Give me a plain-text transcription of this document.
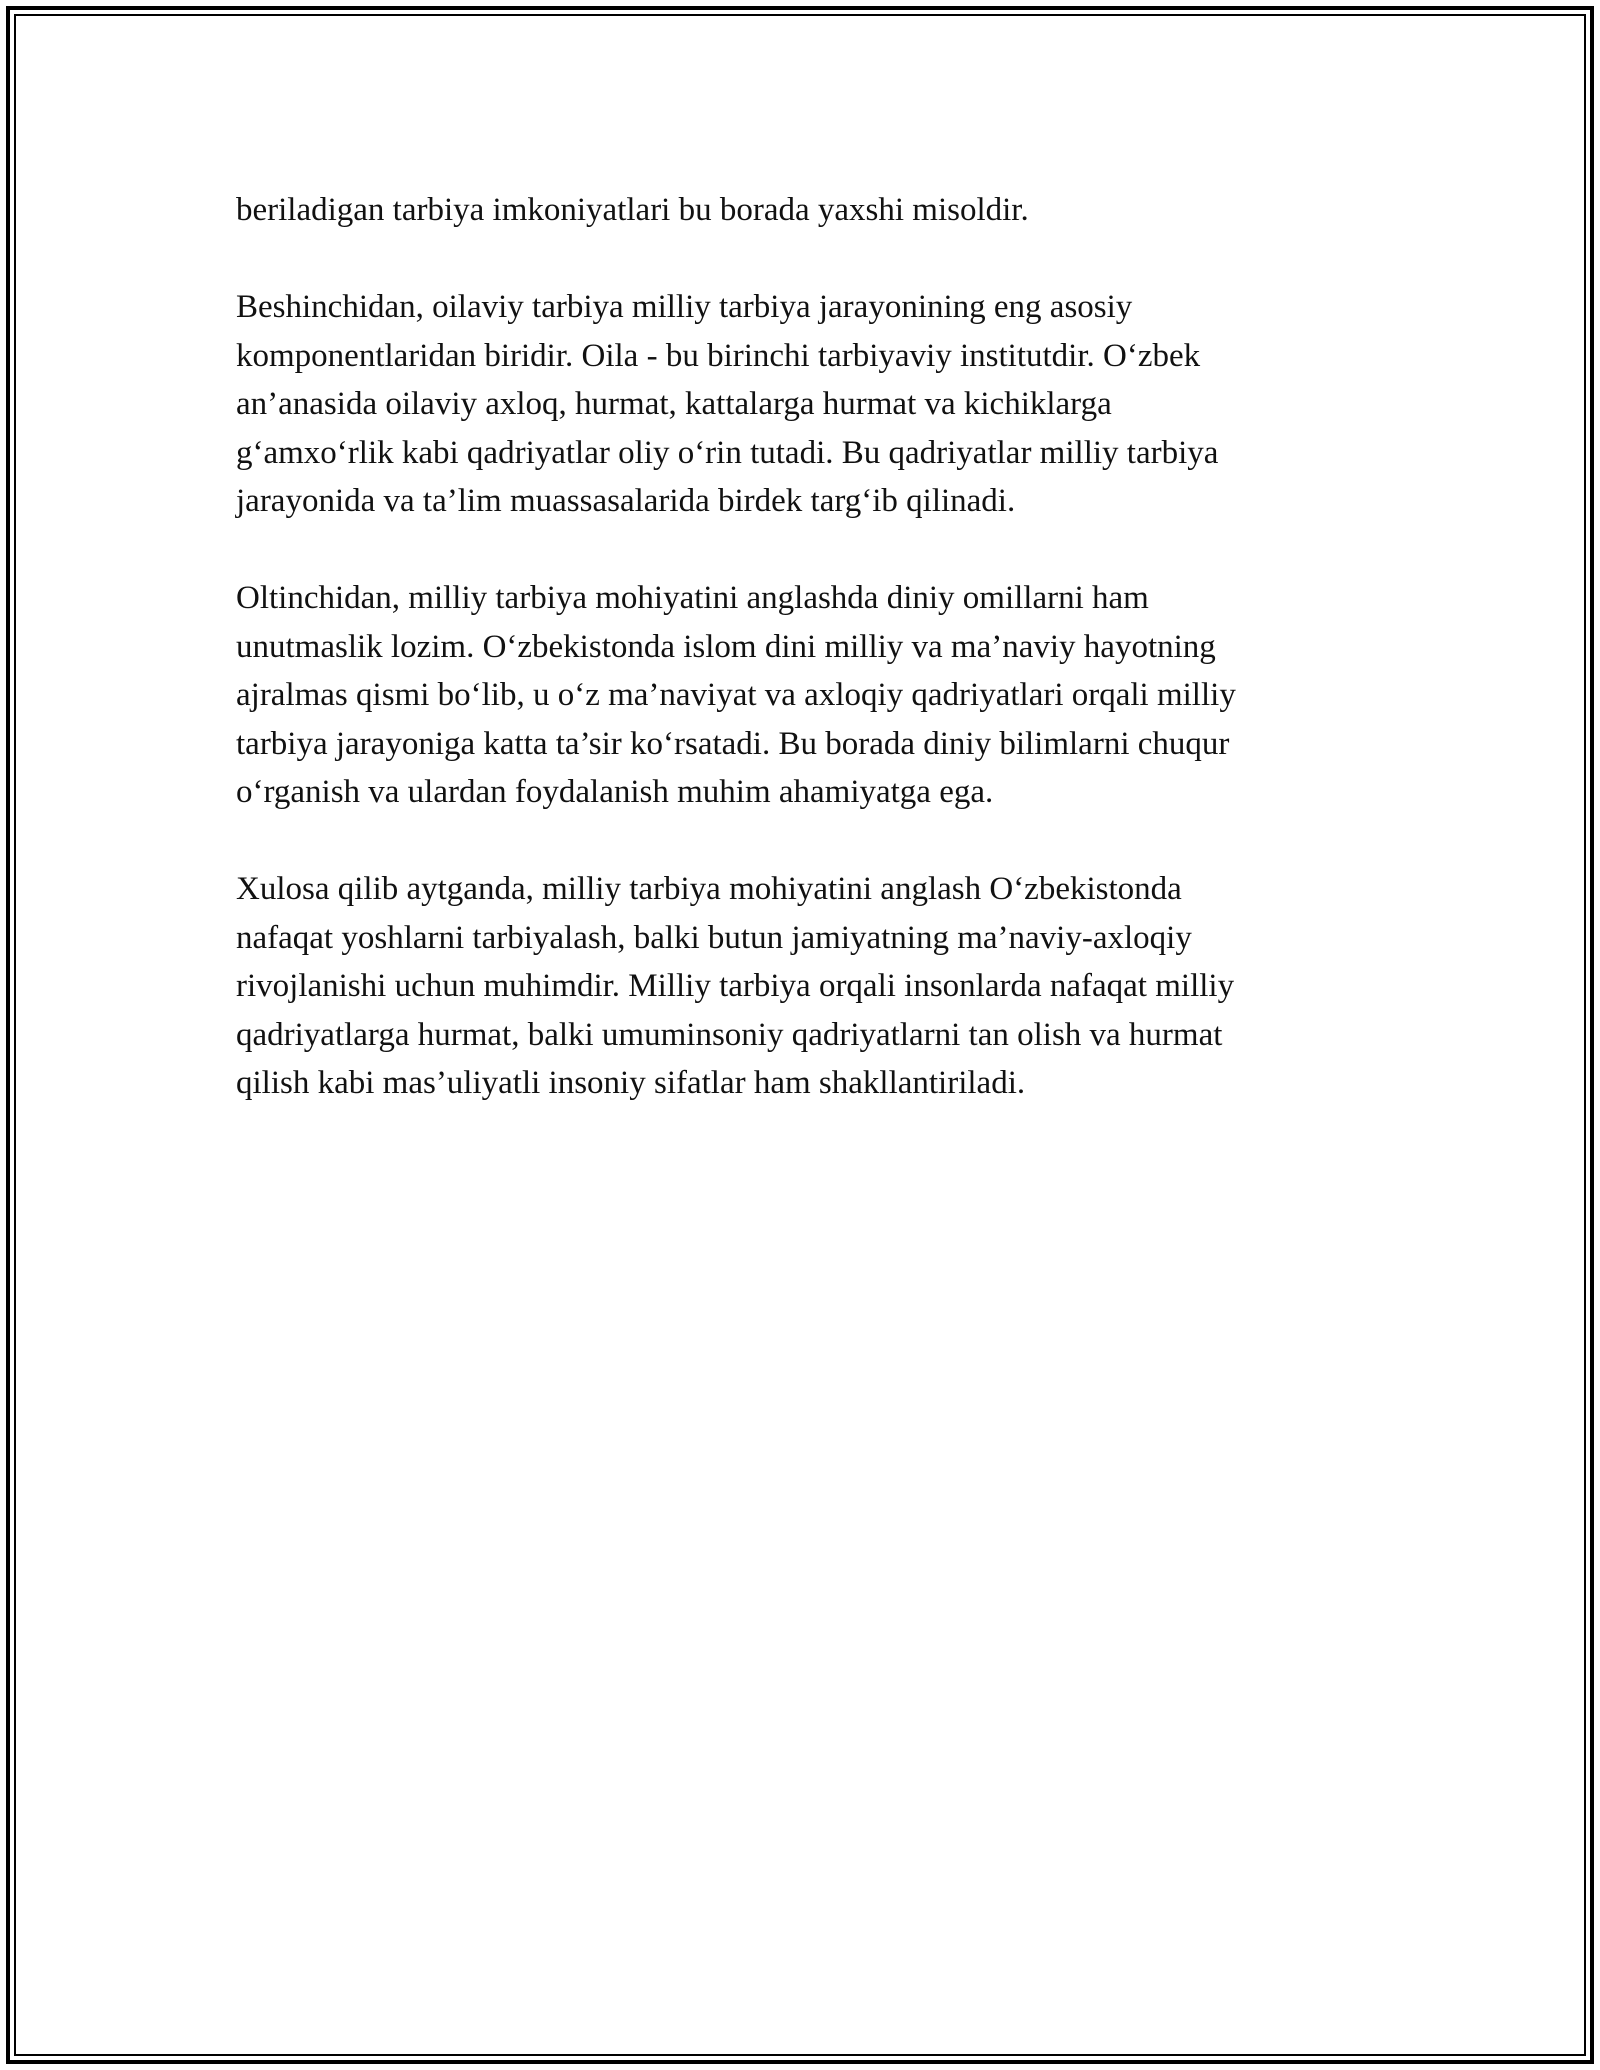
beriladigan tarbiya imkoniyatlari bu borada yaxshi misoldir.

Beshinchidan, oilaviy tarbiya milliy tarbiya jarayonining eng asosiy
komponentlaridan biridir. Oila - bu birinchi tarbiyaviy institutdir. O‘zbek
an’anasida oilaviy axloq, hurmat, kattalarga hurmat va kichiklarga
g‘amxo‘rlik kabi qadriyatlar oliy o‘rin tutadi. Bu qadriyatlar milliy tarbiya
jarayonida va ta’lim muassasalarida birdek targ‘ib qilinadi.

Oltinchidan, milliy tarbiya mohiyatini anglashda diniy omillarni ham
unutmaslik lozim. O‘zbekistonda islom dini milliy va ma’naviy hayotning
ajralmas qismi bo‘lib, u o‘z ma’naviyat va axloqiy qadriyatlari orqali milliy
tarbiya jarayoniga katta ta’sir ko‘rsatadi. Bu borada diniy bilimlarni chuqur
o‘rganish va ulardan foydalanish muhim ahamiyatga ega.

Xulosa qilib aytganda, milliy tarbiya mohiyatini anglash O‘zbekistonda
nafaqat yoshlarni tarbiyalash, balki butun jamiyatning ma’naviy-axloqiy
rivojlanishi uchun muhimdir. Milliy tarbiya orqali insonlarda nafaqat milliy
qadriyatlarga hurmat, balki umuminsoniy qadriyatlarni tan olish va hurmat
qilish kabi mas’uliyatli insoniy sifatlar ham shakllantiriladi.
